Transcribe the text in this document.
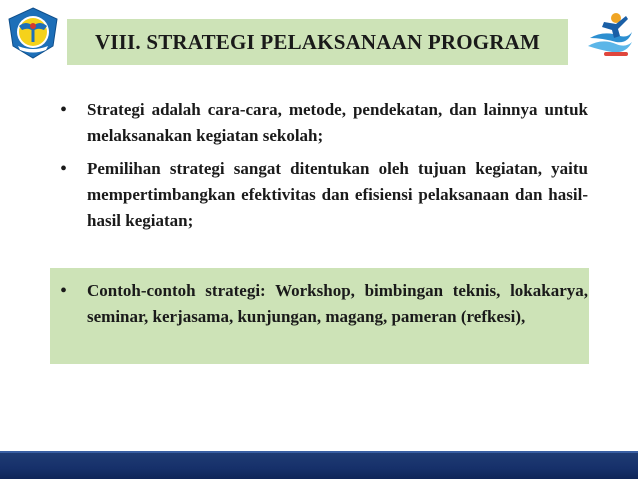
VIII. STRATEGI PELAKSANAAN PROGRAM
• Strategi adalah cara-cara, metode, pendekatan, dan lainnya untuk melaksanakan kegiatan sekolah;
• Pemilihan strategi sangat ditentukan oleh tujuan kegiatan, yaitu mempertimbangkan efektivitas dan efisiensi pelaksanaan dan hasil-hasil kegiatan;
• Contoh-contoh strategi: Workshop, bimbingan teknis, lokakarya, seminar, kerjasama, kunjungan, magang, pameran (refkesi),
